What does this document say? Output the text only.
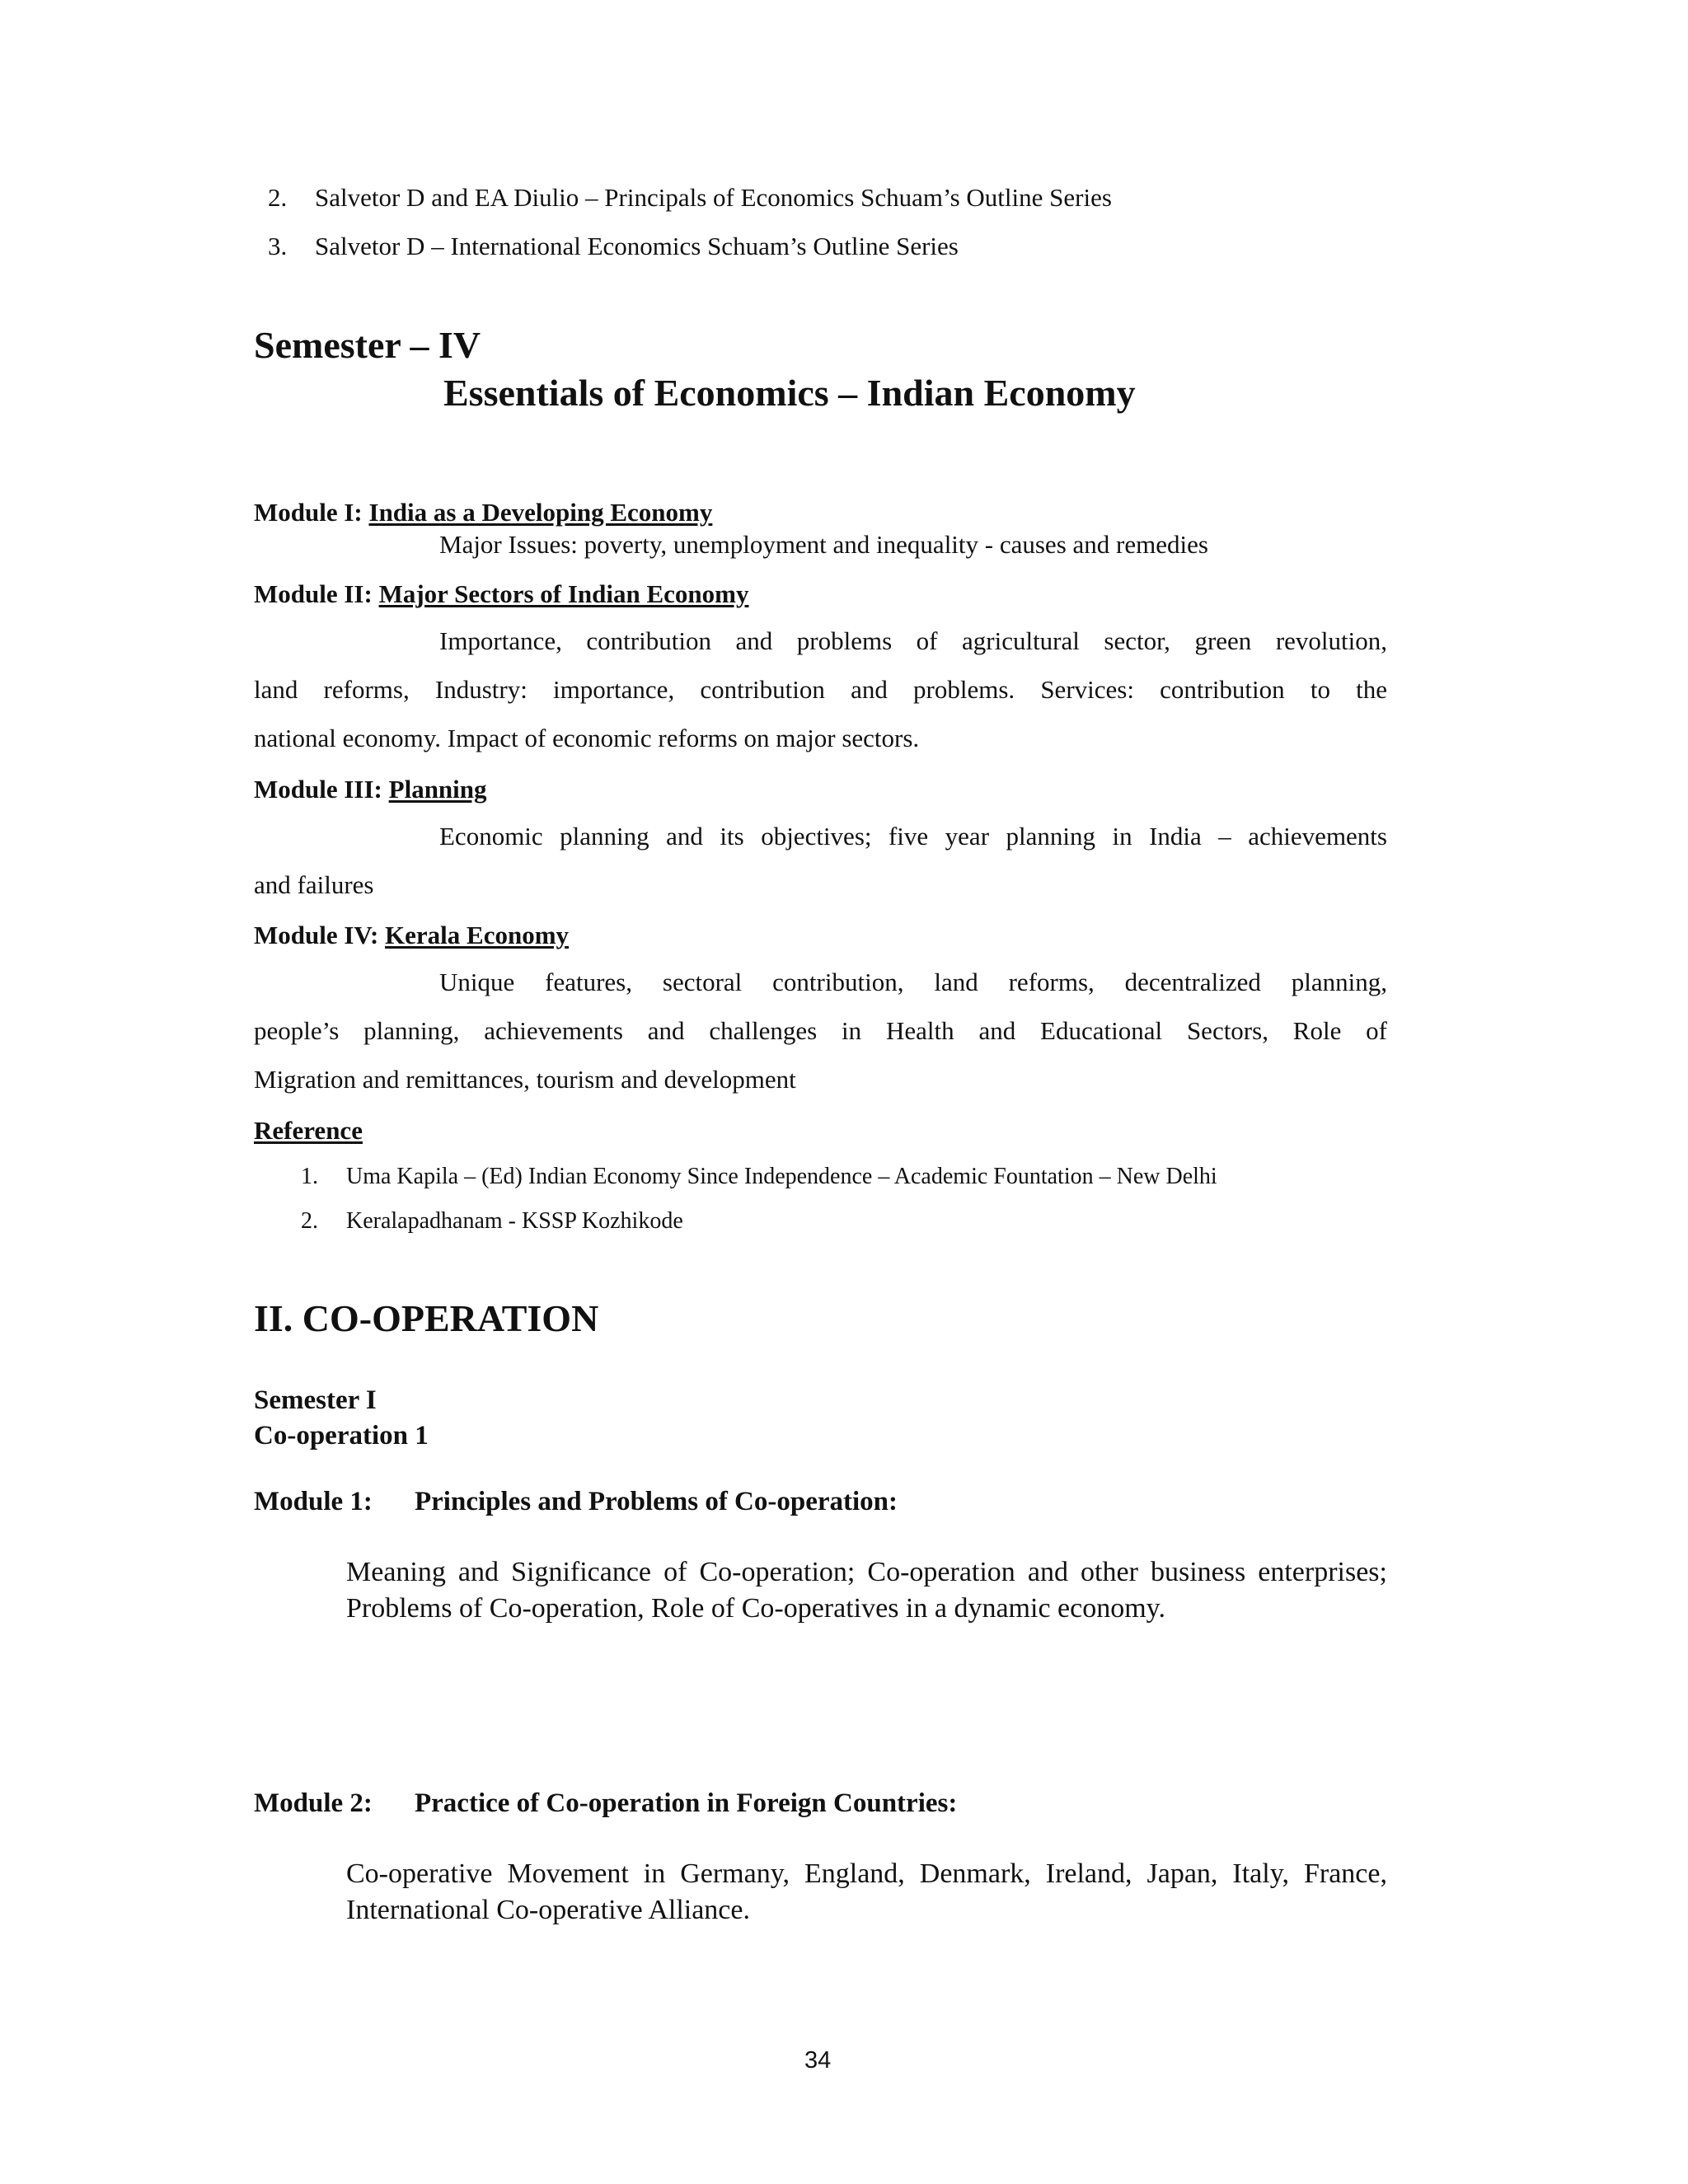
2. Salvetor D and EA Diulio – Principals of Economics Schuam’s Outline Series
3. Salvetor D – International Economics Schuam’s Outline Series
Semester – IV
Essentials of Economics – Indian Economy
Module I: India as a Developing Economy
Major Issues: poverty, unemployment and inequality - causes and remedies
Module II: Major Sectors of Indian Economy
Importance, contribution and problems of agricultural sector, green revolution,
land reforms, Industry: importance, contribution and problems. Services: contribution to the
national economy. Impact of economic reforms on major sectors.
Module III: Planning
Economic planning and its objectives; five year planning in India – achievements
and failures
Module IV: Kerala Economy
Unique features, sectoral contribution, land reforms, decentralized planning,
people’s planning, achievements and challenges in Health and Educational Sectors, Role of
Migration and remittances, tourism and development
Reference
1. Uma Kapila – (Ed) Indian Economy Since Independence – Academic Fountation – New Delhi
2. Keralapadhanam - KSSP Kozhikode
II. CO-OPERATION
Semester I
Co-operation 1
Module 1: Principles and Problems of Co-operation:
Meaning and Significance of Co-operation; Co-operation and other business enterprises; Problems of Co-operation, Role of Co-operatives in a dynamic economy.
Module 2: Practice of Co-operation in Foreign Countries:
Co-operative Movement in Germany, England, Denmark, Ireland, Japan, Italy, France, International Co-operative Alliance.
34
